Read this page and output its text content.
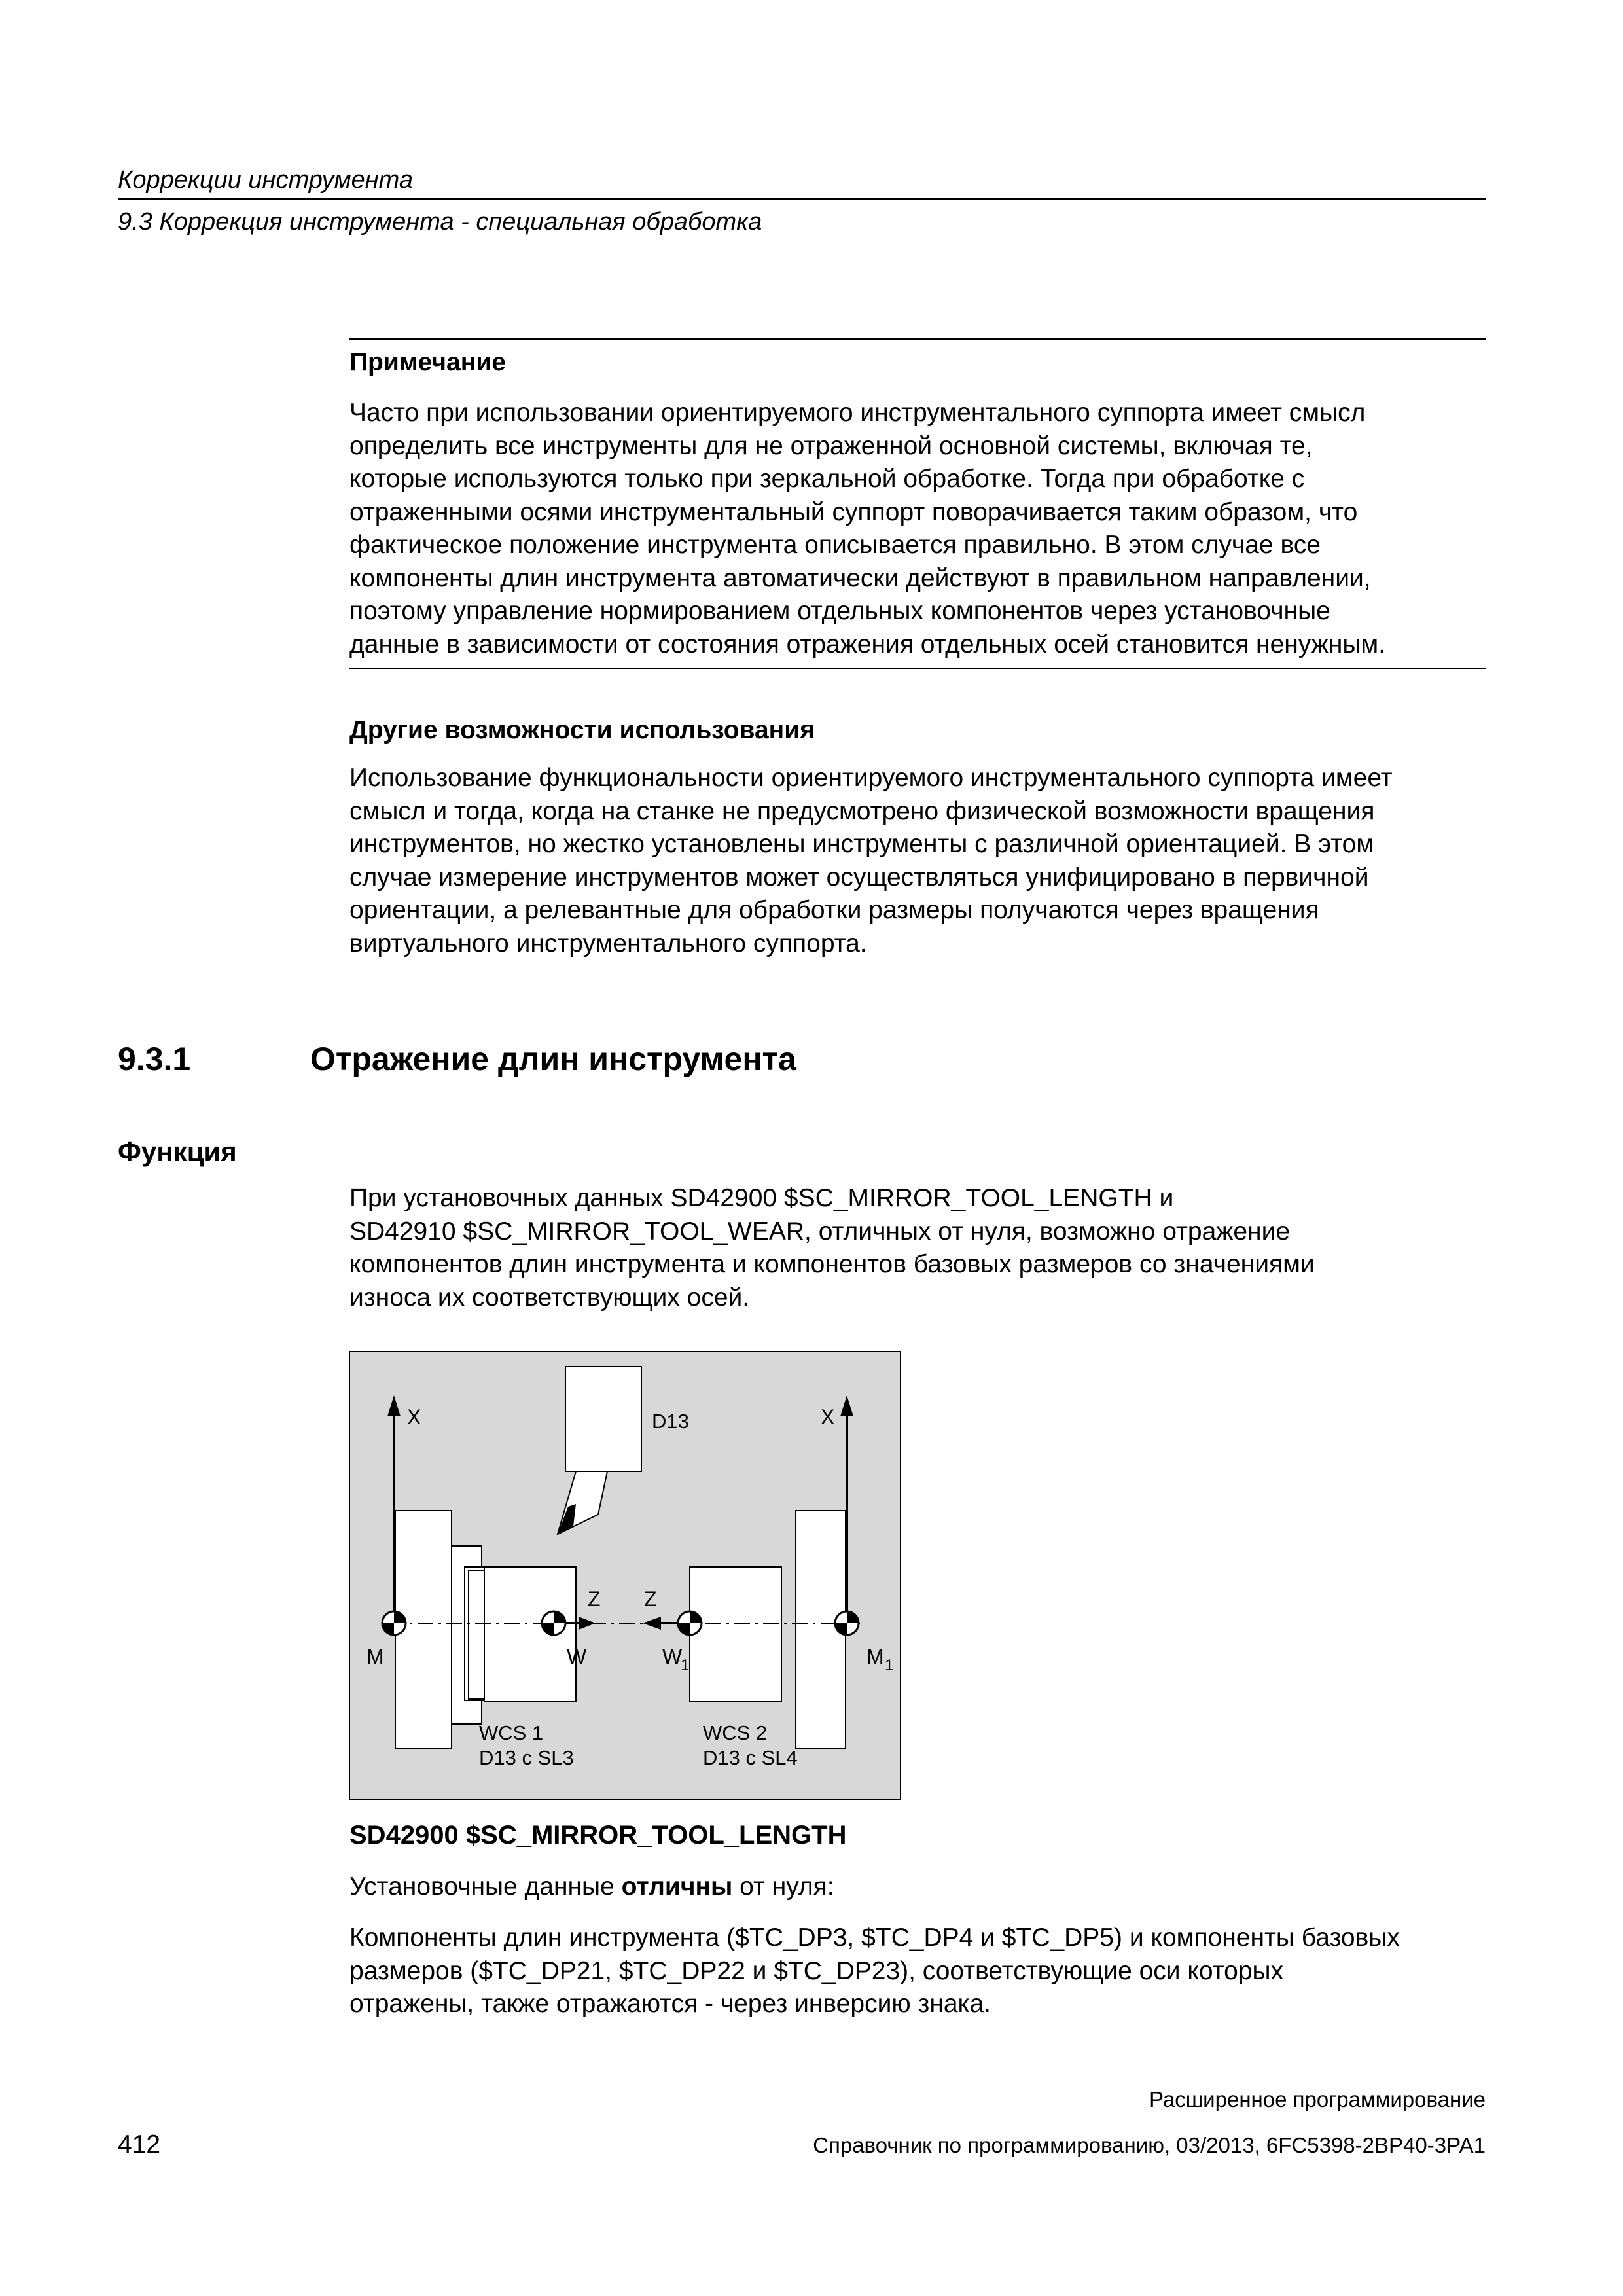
Коррекции инструмента
9.3 Коррекция инструмента - специальная обработка
Примечание
Часто при использовании ориентируемого инструментального суппорта имеет смысл
определить все инструменты для не отраженной основной системы, включая те,
которые используются только при зеркальной обработке. Тогда при обработке с
отраженными осями инструментальный суппорт поворачивается таким образом, что
фактическое положение инструмента описывается правильно. В этом случае все
компоненты длин инструмента автоматически действуют в правильном направлении,
поэтому управление нормированием отдельных компонентов через установочные
данные в зависимости от состояния отражения отдельных осей становится ненужным.
Другие возможности использования
Использование функциональности ориентируемого инструментального суппорта имеет
смысл и тогда, когда на станке не предусмотрено физической возможности вращения
инструментов, но жестко установлены инструменты с различной ориентацией. В этом
случае измерение инструментов может осуществляться унифицировано в первичной
ориентации, а релевантные для обработки размеры получаются через вращения
виртуального инструментального суппорта.
9.3.1	Отражение длин инструмента
Функция
При установочных данных SD42900 $SC_MIRROR_TOOL_LENGTH и
SD42910 $SC_MIRROR_TOOL_WEAR, отличных от нуля, возможно отражение
компонентов длин инструмента и компонентов базовых размеров со значениями
износа их соответствующих осей.
X	X
D13
Z Z
M	W	W
1	M 1
WCS 1
D13 с SL3
WCS 2
D13 с SL4
SD42900 $SC_MIRROR_TOOL_LENGTH
Установочные данные отличны от нуля:
Компоненты длин инструмента ($TC_DP3, $TC_DP4 и $TC_DP5) и компоненты базовых
размеров ($TC_DP21, $TC_DP22 и $TC_DP23), соответствующие оси которых
отражены, также отражаются - через инверсию знака.
Расширенное программирование
412	Справочник по программированию, 03/2013, 6FC5398-2BP40-3PA1
